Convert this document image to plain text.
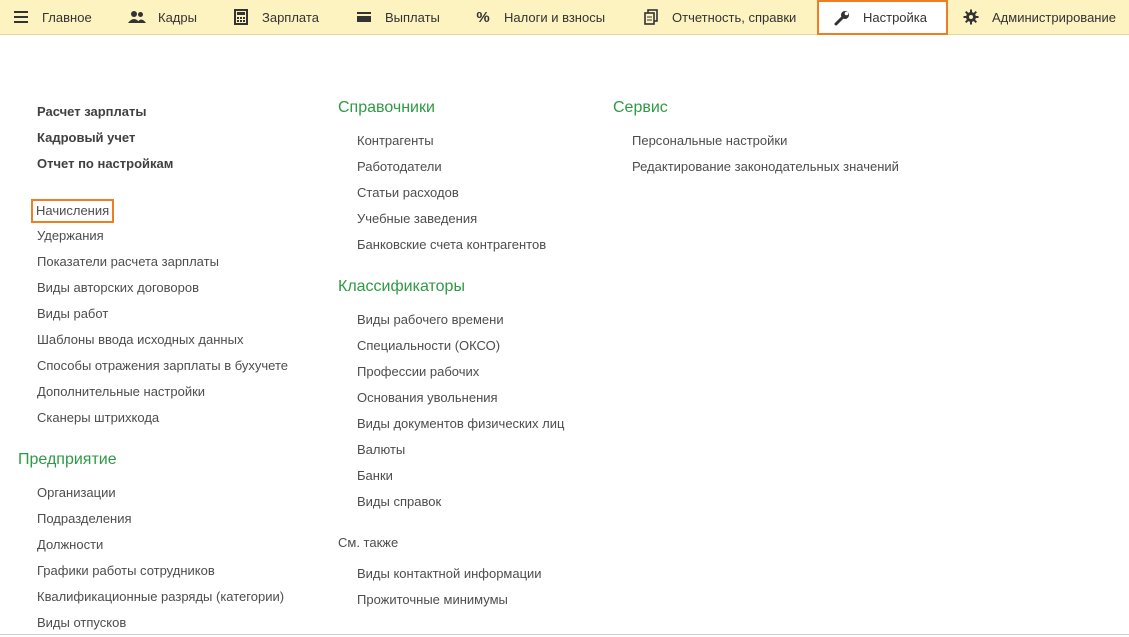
Главное	Кадры	Зарплата	Выплаты % Налоги и взносы	Отчетность, справки	Настройка	Администрирование
Расчет зарплаты
Кадровый учет
Отчет по настройкам
Начисления
Удержания
Показатели расчета зарплаты
Виды авторских договоров
Виды работ
Шаблоны ввода исходных данных
Способы отражения зарплаты в бухучете
Дополнительные настройки
Сканеры штрихкода
Предприятие
Организации
Подразделения
Должности
Графики работы сотрудников
Квалификационные разряды (категории)
Виды отпусков
Справочники
Контрагенты
Работодатели
Статьи расходов
Учебные заведения
Банковские счета контрагентов
Классификаторы
Виды рабочего времени
Специальности (ОКСО)
Профессии рабочих
Основания увольнения
Виды документов физических лиц
Валюты
Банки
Виды справок
См. также
Виды контактной информации
Прожиточные минимумы
Сервис
Персональные настройки
Редактирование законодательных значений
